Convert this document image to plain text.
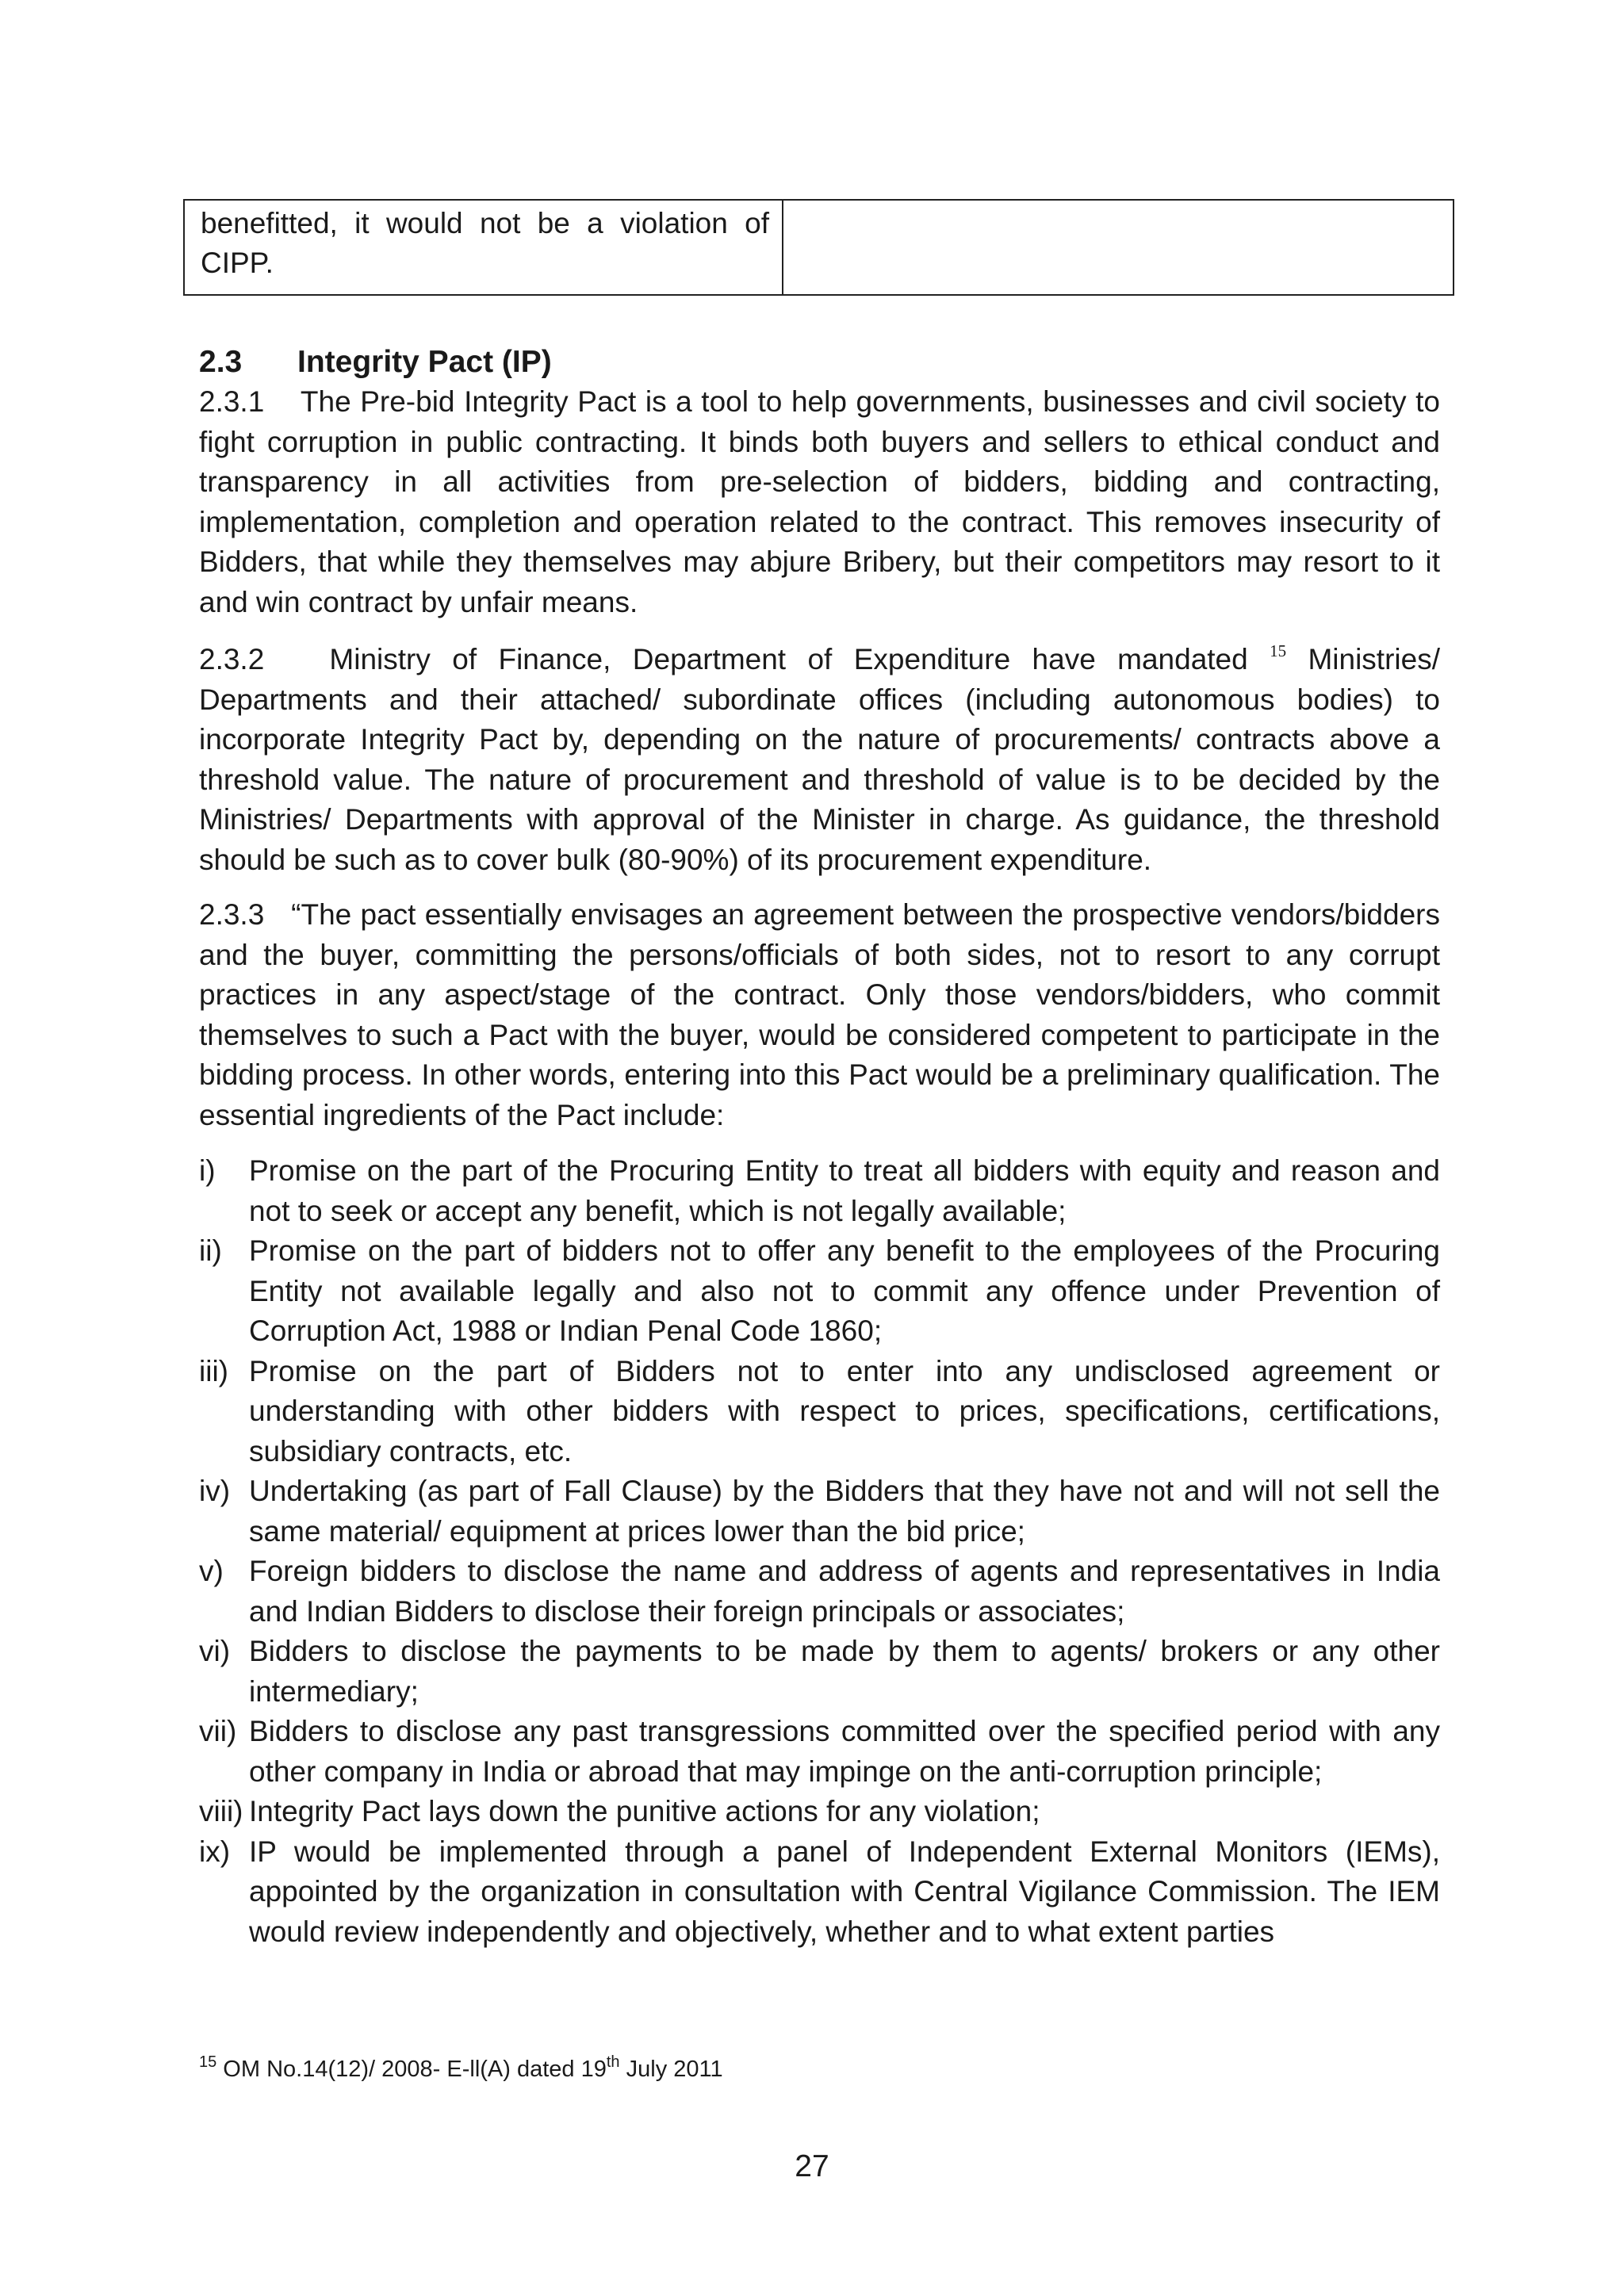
benefitted, it would not be a violation of CIPP.
2.3 Integrity Pact (IP)

2.3.1    The Pre-bid Integrity Pact is a tool to help governments, businesses and civil society to fight corruption in public contracting. It binds both buyers and sellers to ethical conduct and transparency in all activities from pre-selection of bidders, bidding and contracting, implementation, completion and operation related to the contract. This removes insecurity of Bidders, that while they themselves may abjure Bribery, but their competitors may resort to it and win contract by unfair means.

2.3.2   Ministry of Finance, Department of Expenditure have mandated $^{15}$ Ministries/ Departments and their attached/ subordinate offices (including autonomous bodies) to incorporate Integrity Pact by, depending on the nature of procurements/ contracts above a threshold value. The nature of procurement and threshold of value is to be decided by the Ministries/ Departments with approval of the Minister in charge. As guidance, the threshold should be such as to cover bulk (80-90%) of its procurement expenditure.

2.3.3   “The pact essentially envisages an agreement between the prospective vendors/bidders and the buyer, committing the persons/officials of both sides, not to resort to any corrupt practices in any aspect/stage of the contract. Only those vendors/bidders, who commit themselves to such a Pact with the buyer, would be considered competent to participate in the bidding process. In other words, entering into this Pact would be a preliminary qualification. The essential ingredients of the Pact include:

i)	Promise on the part of the Procuring Entity to treat all bidders with equity and reason and not to seek or accept any benefit, which is not legally available;
ii) Promise on the part of bidders not to offer any benefit to the employees of the Procuring Entity not available legally and also not to commit any offence under Prevention of Corruption Act, 1988 or Indian Penal Code 1860;
iii) Promise on the part of Bidders not to enter into any undisclosed agreement or understanding with other bidders with respect to prices, specifications, certifications, subsidiary contracts, etc.
iv) Undertaking (as part of Fall Clause) by the Bidders that they have not and will not sell the same material/ equipment at prices lower than the bid price;
v) Foreign bidders to disclose the name and address of agents and representatives in India and Indian Bidders to disclose their foreign principals or associates;
vi) Bidders to disclose the payments to be made by them to agents/ brokers or any other intermediary;
vii) Bidders to disclose any past transgressions committed over the specified period with any other company in India or abroad that may impinge on the anti-corruption principle;
viii) Integrity Pact lays down the punitive actions for any violation;
ix) IP would be implemented through a panel of Independent External Monitors (IEMs), appointed by the organization in consultation with Central Vigilance Commission. The IEM would review independently and objectively, whether and to what extent parties
$^{15}$ OM No.14(12)/ 2008- E-ll(A) dated 19th July 2011
27
